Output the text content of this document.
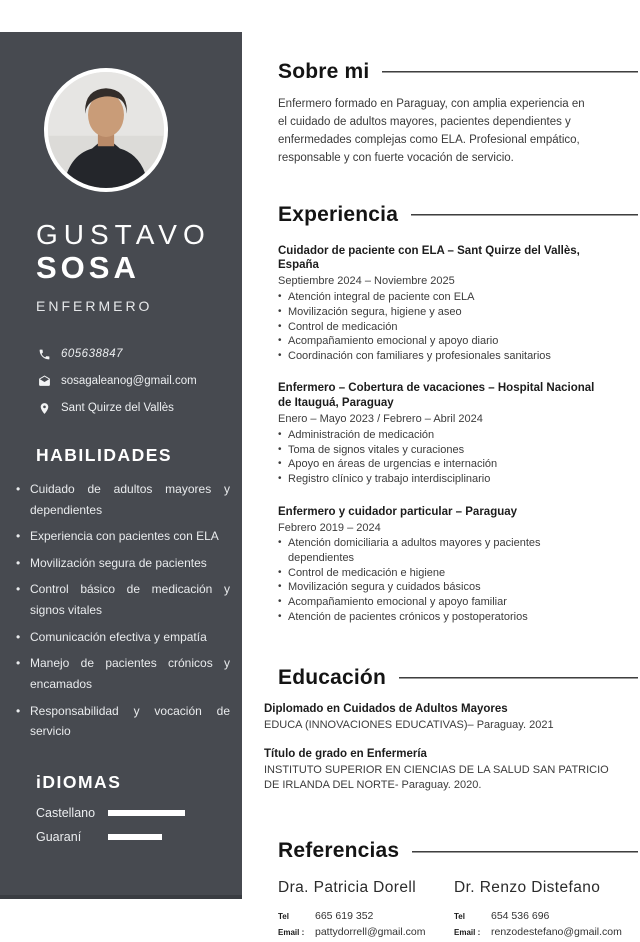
GUSTAVO
SOSA
ENFERMERO
605638847
sosagaleanog@gmail.com
Sant Quirze del Vallès
HABILIDADES
• Cuidado de adultos mayores y dependientes
• Experiencia con pacientes con ELA
• Movilización segura de pacientes
• Control básico de medicación y signos vitales
• Comunicación efectiva y empatía
• Manejo de pacientes crónicos y encamados
• Responsabilidad y vocación de servicio
iDIOMAS
Castellano
Guaraní
Sobre mi

Enfermero formado en Paraguay, con amplia experiencia en el cuidado de adultos mayores, pacientes dependientes y enfermedades complejas como ELA. Profesional empático, responsable y con fuerte vocación de servicio.

Experiencia
Cuidador de paciente con ELA – Sant Quirze del Vallès, España
Septiembre 2024 – Noviembre 2025
• Atención integral de paciente con ELA
• Movilización segura, higiene y aseo
• Control de medicación
• Acompañamiento emocional y apoyo diario
• Coordinación con familiares y profesionales sanitarios
Enfermero – Cobertura de vacaciones – Hospital Nacional de Itauguá, Paraguay
Enero – Mayo 2023 / Febrero – Abril 2024
• Administración de medicación
• Toma de signos vitales y curaciones
• Apoyo en áreas de urgencias e internación
• Registro clínico y trabajo interdisciplinario
Enfermero y cuidador particular – Paraguay
Febrero 2019 – 2024
• Atención domiciliaria a adultos mayores y pacientes dependientes
• Control de medicación e higiene
• Movilización segura y cuidados básicos
• Acompañamiento emocional y apoyo familiar
• Atención de pacientes crónicos y postoperatorios
Educación
Diplomado en Cuidados de Adultos Mayores
EDUCA (INNOVACIONES EDUCATIVAS)– Paraguay. 2021
Título de grado en Enfermería
INSTITUTO SUPERIOR EN CIENCIAS DE LA SALUD SAN PATRICIO DE IRLANDA DEL NORTE- Paraguay. 2020.
Referencias
Dra. Patricia Dorell
Tel	665 619 352
Email :	pattydorrell@gmail.com
Dr. Renzo Distefano
Tel	654 536 696
Email :	renzodestefano@gmail.com
